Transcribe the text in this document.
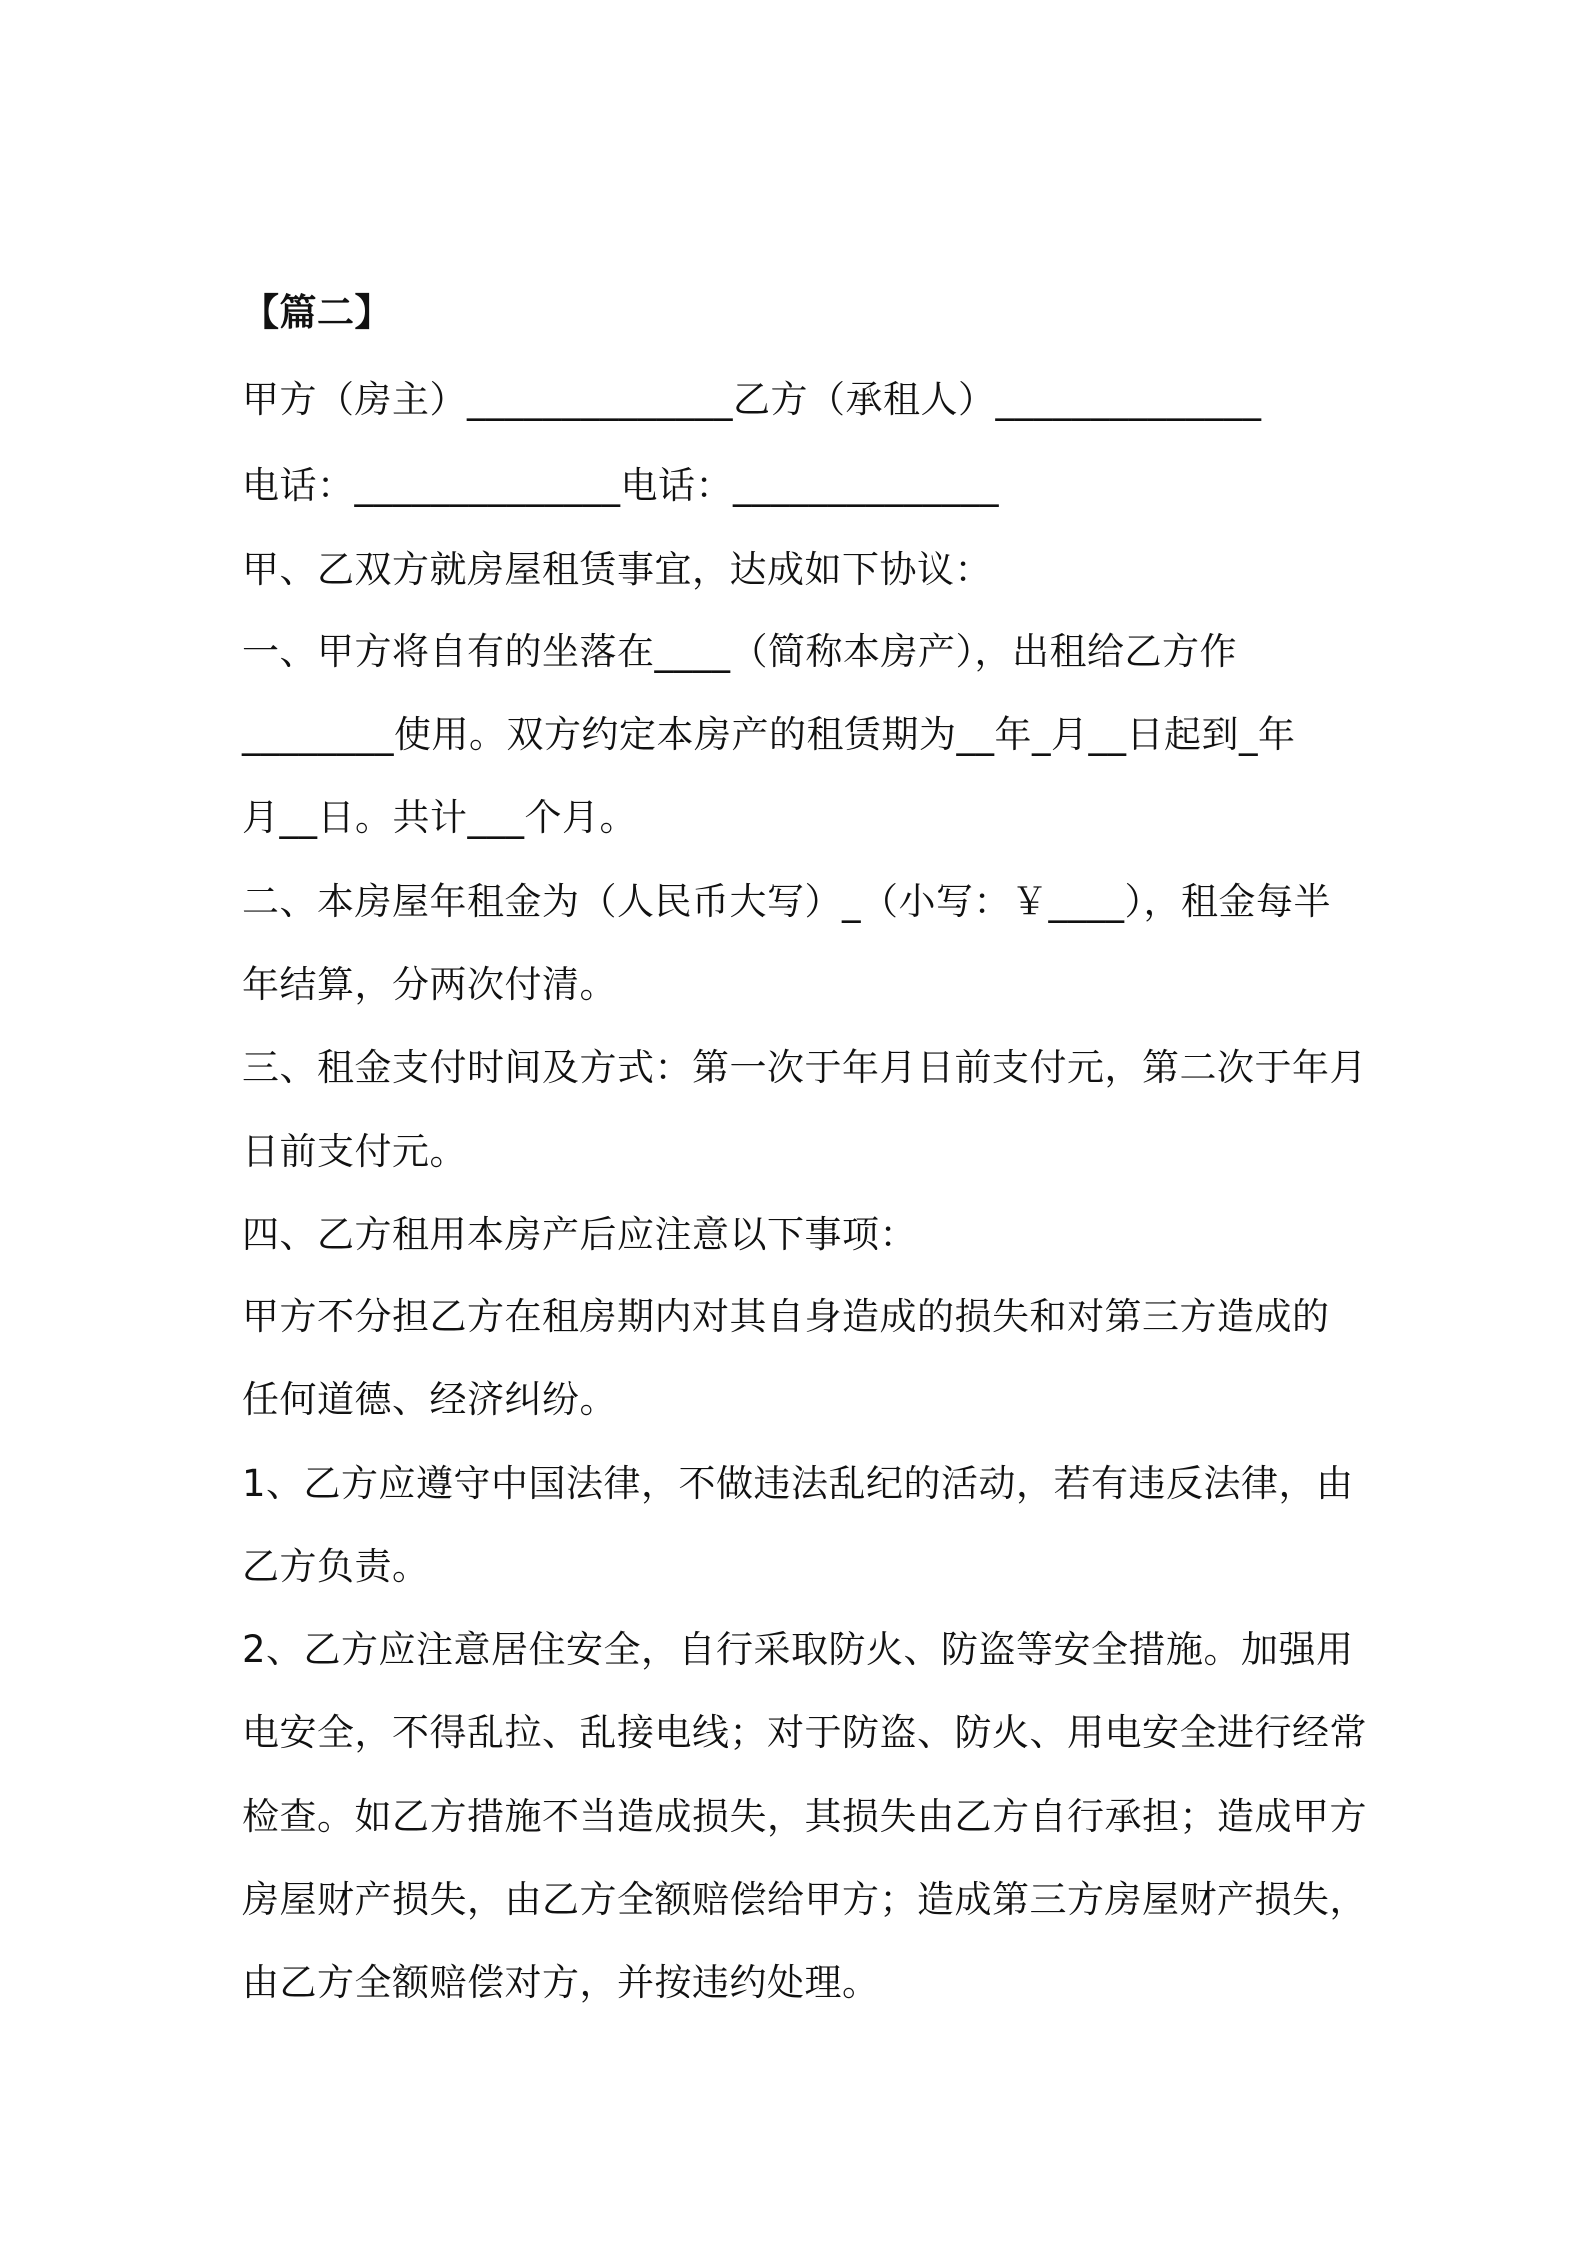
【篇二】
甲方（房主）______________乙方（承租人）______________
电话：______________电话：______________
甲、乙双方就房屋租赁事宜，达成如下协议：
一、甲方将自有的坐落在____（简称本房产），出租给乙方作
________使用。双方约定本房产的租赁期为__年_月__日起到_年
月__日。共计___个月。
二、本房屋年租金为（人民币大写）_（小写：￥____），租金每半
年结算，分两次付清。
三、租金支付时间及方式：第一次于年月日前支付元，第二次于年月
日前支付元。
四、乙方租用本房产后应注意以下事项：
甲方不分担乙方在租房期内对其自身造成的损失和对第三方造成的
任何道德、经济纠纷。
1、乙方应遵守中国法律，不做违法乱纪的活动，若有违反法律，由
乙方负责。
2、乙方应注意居住安全，自行采取防火、防盗等安全措施。加强用
电安全，不得乱拉、乱接电线；对于防盗、防火、用电安全进行经常
检查。如乙方措施不当造成损失，其损失由乙方自行承担；造成甲方
房屋财产损失，由乙方全额赔偿给甲方；造成第三方房屋财产损失，
由乙方全额赔偿对方，并按违约处理。
